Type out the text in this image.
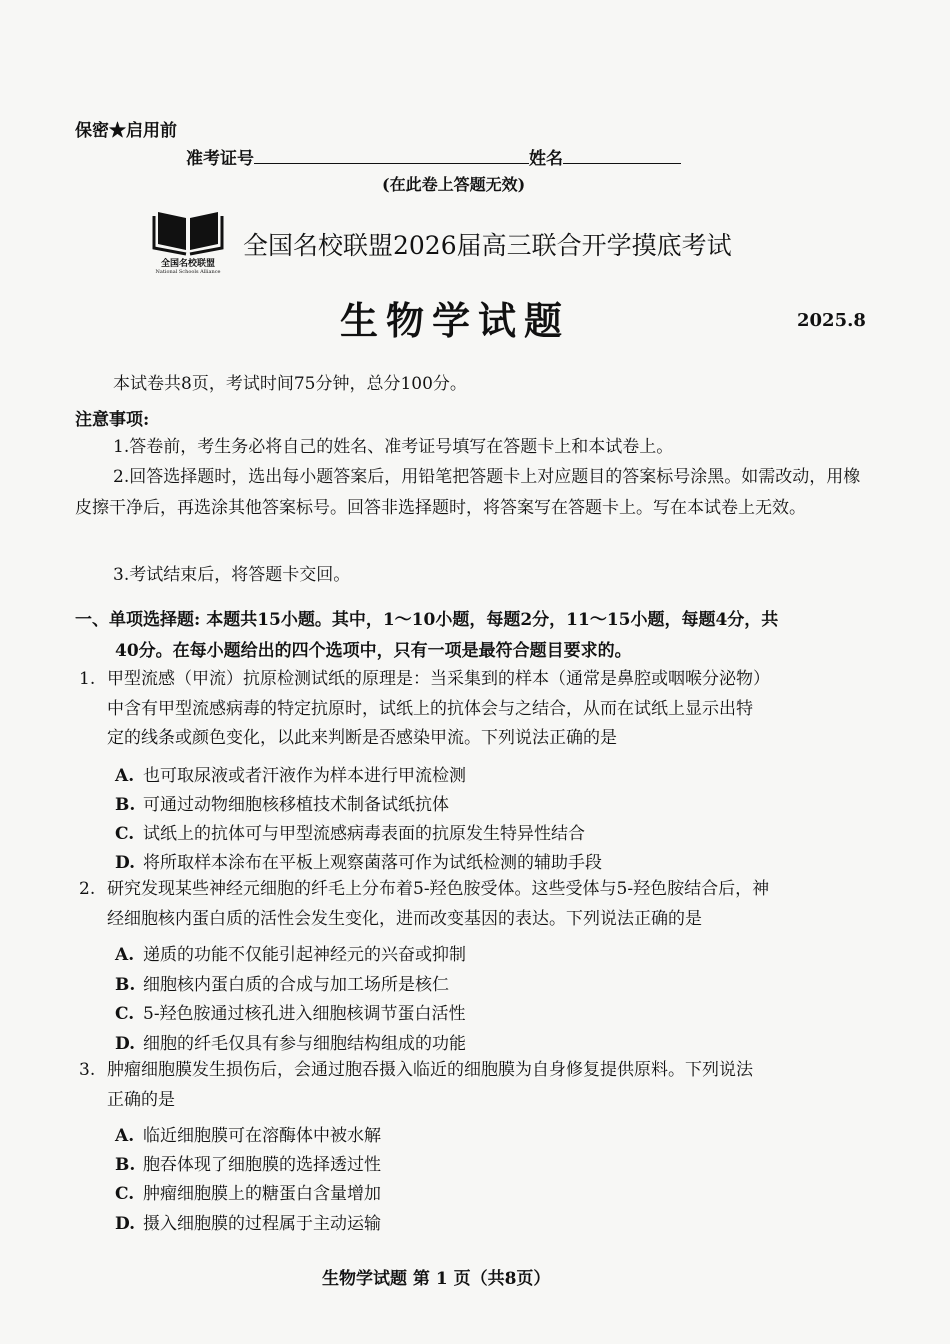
保密★启用前
准考证号	姓名
(在此卷上答题无效)
全国名校联盟
National Schools Alliance
全国名校联盟2026届高三联合开学摸底考试
生物学试题	2025.8
本试卷共8页，考试时间75分钟，总分100分。
注意事项:
1.答卷前，考生务必将自己的姓名、准考证号填写在答题卡上和本试卷上。
2.回答选择题时，选出每小题答案后，用铅笔把答题卡上对应题目的答案标号涂黑。如需改动，用橡皮擦干净后，再选涂其他答案标号。回答非选择题时，将答案写在答题卡上。写在本试卷上无效。
3.考试结束后，将答题卡交回。
一、单项选择题: 本题共15小题。其中，1～10小题，每题2分，11～15小题，每题4分，共
40分。在每小题给出的四个选项中，只有一项是最符合题目要求的。
1. 甲型流感（甲流）抗原检测试纸的原理是：当采集到的样本（通常是鼻腔或咽喉分泌物）
中含有甲型流感病毒的特定抗原时，试纸上的抗体会与之结合，从而在试纸上显示出特
定的线条或颜色变化，以此来判断是否感染甲流。下列说法正确的是
A. 也可取尿液或者汗液作为样本进行甲流检测
B. 可通过动物细胞核移植技术制备试纸抗体
C. 试纸上的抗体可与甲型流感病毒表面的抗原发生特异性结合
D. 将所取样本涂布在平板上观察菌落可作为试纸检测的辅助手段
2. 研究发现某些神经元细胞的纤毛上分布着5-羟色胺受体。这些受体与5-羟色胺结合后，神
经细胞核内蛋白质的活性会发生变化，进而改变基因的表达。下列说法正确的是
A. 递质的功能不仅能引起神经元的兴奋或抑制
B. 细胞核内蛋白质的合成与加工场所是核仁
C. 5-羟色胺通过核孔进入细胞核调节蛋白活性
D. 细胞的纤毛仅具有参与细胞结构组成的功能
3. 肿瘤细胞膜发生损伤后，会通过胞吞摄入临近的细胞膜为自身修复提供原料。下列说法
正确的是
A. 临近细胞膜可在溶酶体中被水解
B. 胞吞体现了细胞膜的选择透过性
C. 肿瘤细胞膜上的糖蛋白含量增加
D. 摄入细胞膜的过程属于主动运输
生物学试题 第 1 页（共8页）
